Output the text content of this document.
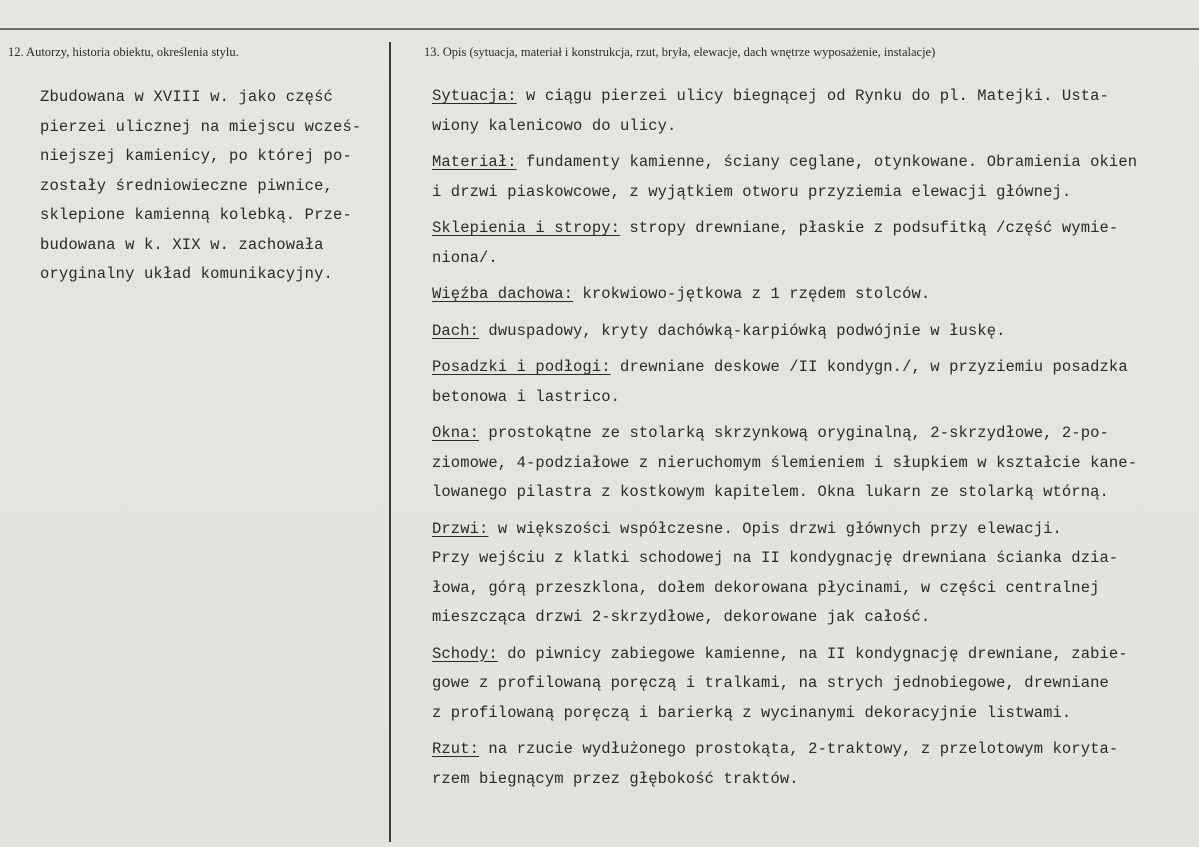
12. Autorzy, historia obiektu, określenia stylu.	13. Opis (sytuacja, materiał i konstrukcja, rzut, bryła, elewacje, dach wnętrze wyposażenie, instalacje)
Zbudowana w XVIII w. jako część
pierzei ulicznej na miejscu wcześ-
niejszej kamienicy, po której po-
zostały średniowieczne piwnice,
sklepione kamienną kolebką. Prze-
budowana w k. XIX w. zachowała
oryginalny układ komunikacyjny.
Sytuacja: w ciągu pierzei ulicy biegnącej od Rynku do pl. Matejki. Usta-
wiony kalenicowo do ulicy.
Materiał: fundamenty kamienne, ściany ceglane, otynkowane. Obramienia okien
i drzwi piaskowcowe, z wyjątkiem otworu przyziemia elewacji głównej.
Sklepienia i stropy: stropy drewniane, płaskie z podsufitką /część wymie-
niona/.
Więźba dachowa: krokwiowo-jętkowa z 1 rzędem stolców.
Dach: dwuspadowy, kryty dachówką-karpiówką podwójnie w łuskę.
Posadzki i podłogi: drewniane deskowe /II kondygn./, w przyziemiu posadzka
betonowa i lastrico.
Okna: prostokątne ze stolarką skrzynkową oryginalną, 2-skrzydłowe, 2-po-
ziomowe, 4-podziałowe z nieruchomym ślemieniem i słupkiem w kształcie kane-
lowanego pilastra z kostkowym kapitelem. Okna lukarn ze stolarką wtórną.
Drzwi: w większości współczesne. Opis drzwi głównych przy elewacji.
Przy wejściu z klatki schodowej na II kondygnację drewniana ścianka dzia-
łowa, górą przeszklona, dołem dekorowana płycinami, w części centralnej
mieszcząca drzwi 2-skrzydłowe, dekorowane jak całość.
Schody: do piwnicy zabiegowe kamienne, na II kondygnację drewniane, zabie-
gowe z profilowaną poręczą i tralkami, na strych jednobiegowe, drewniane
z profilowaną poręczą i barierką z wycinanymi dekoracyjnie listwami.
Rzut: na rzucie wydłużonego prostokąta, 2-traktowy, z przelotowym koryta-
rzem biegnącym przez głębokość traktów.
